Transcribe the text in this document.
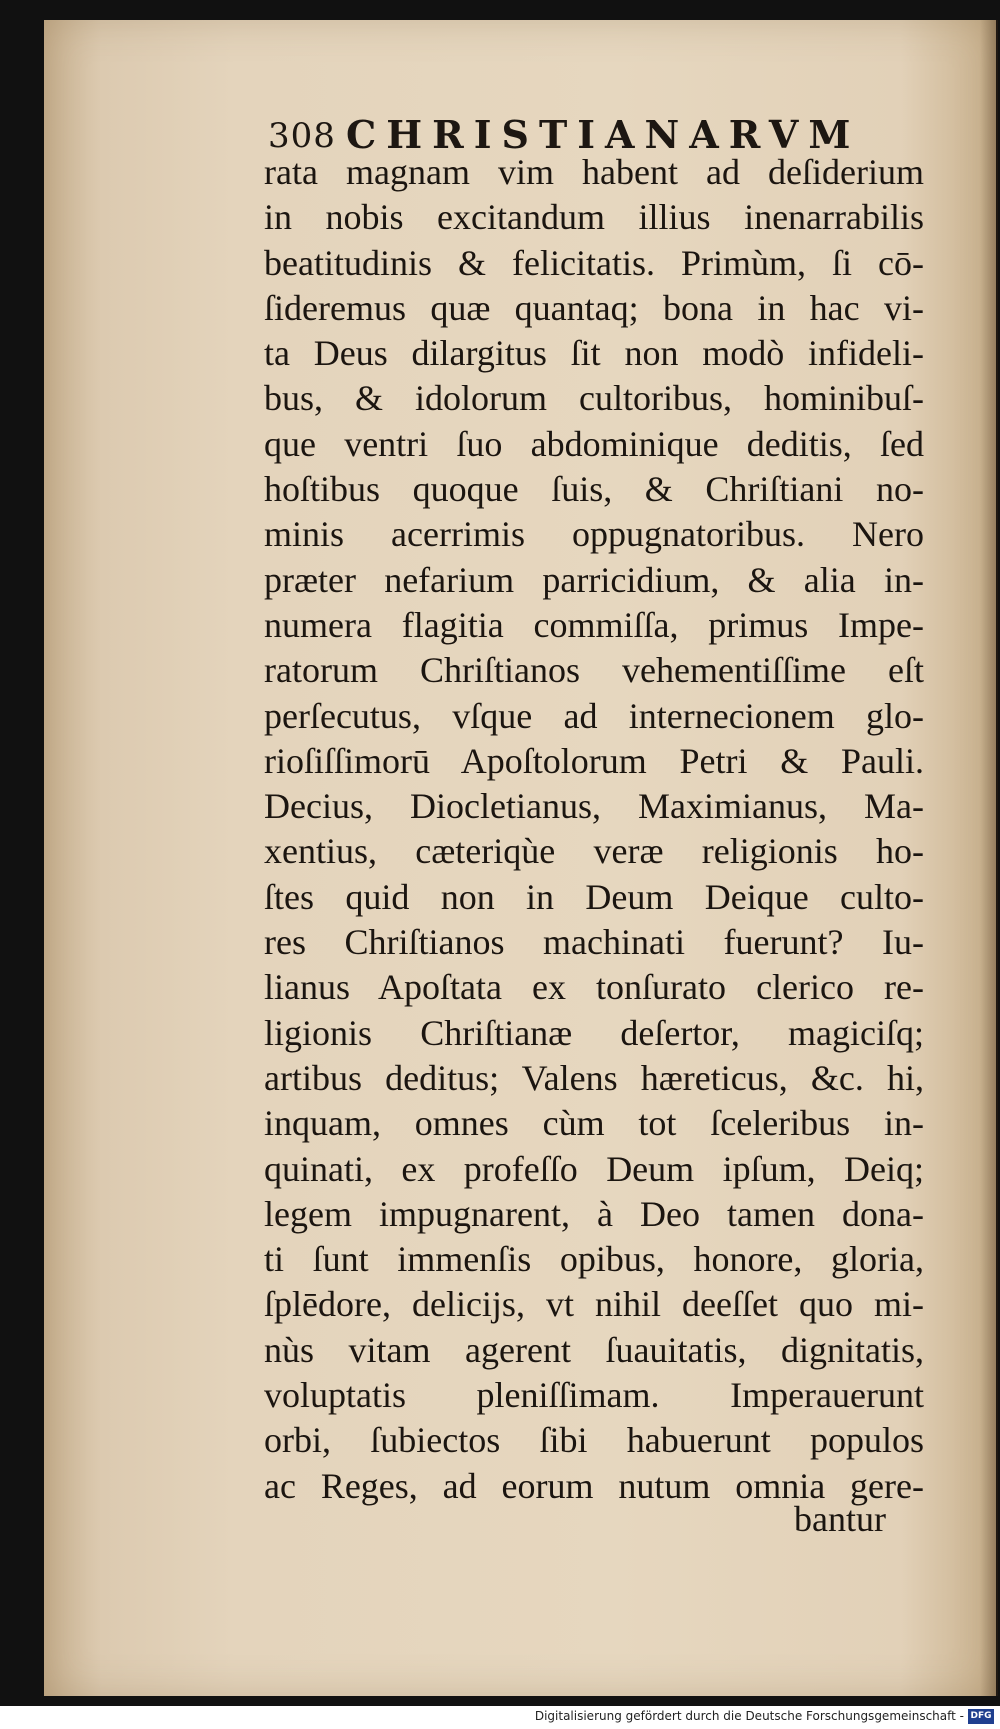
308 CHRISTIANARVM
rata magnam vim habent ad deſiderium
in nobis excitandum illius inenarrabilis
beatitudinis & felicitatis. Primùm, ſi cō-
ſideremus quæ quantaq; bona in hac vi-
ta Deus dilargitus ſit non modò infideli-
bus, & idolorum cultoribus, hominibuſ-
que ventri ſuo abdominique deditis, ſed
hoſtibus quoque ſuis, & Chriſtiani no-
minis acerrimis oppugnatoribus. Nero
præter nefarium parricidium, & alia in-
numera flagitia commiſſa, primus Impe-
ratorum Chriſtianos vehementiſſime eſt
perſecutus, vſque ad internecionem glo-
rioſiſſimorū Apoſtolorum Petri & Pauli.
Decius, Diocletianus, Maximianus, Ma-
xentius, cæteriqùe veræ religionis ho-
ſtes quid non in Deum Deique culto-
res Chriſtianos machinati fuerunt? Iu-
lianus Apoſtata ex tonſurato clerico re-
ligionis Chriſtianæ deſertor, magiciſq;
artibus deditus; Valens hæreticus, &c. hi,
inquam, omnes cùm tot ſceleribus in-
quinati, ex profeſſo Deum ipſum, Deiq;
legem impugnarent, à Deo tamen dona-
ti ſunt immenſis opibus, honore, gloria,
ſplēdore, delicijs, vt nihil deeſſet quo mi-
nùs vitam agerent ſuauitatis, dignitatis,
voluptatis pleniſſimam. Imperauerunt
orbi, ſubiectos ſibi habuerunt populos
ac Reges, ad eorum nutum omnia gere-
bantur
Digitalisierung gefördert durch die Deutsche Forschungsgemeinschaft - DFG
